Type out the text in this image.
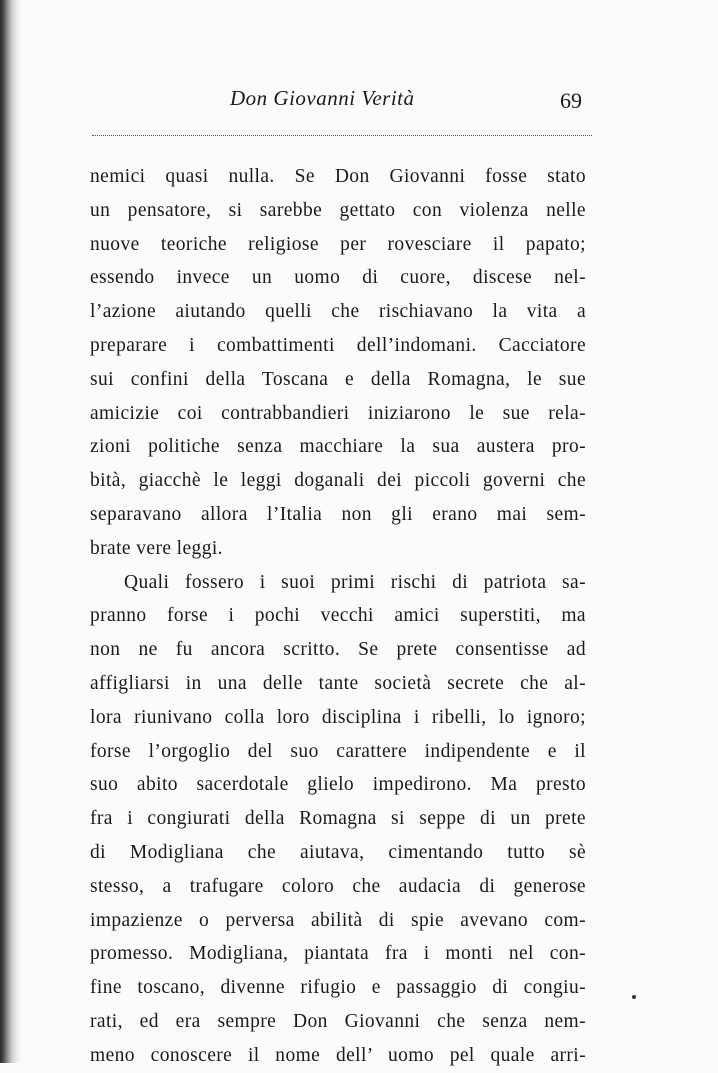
Don Giovanni Verità	69
nemici quasi nulla. Se Don Giovanni fosse stato
un pensatore, si sarebbe gettato con violenza nelle
nuove teoriche religiose per rovesciare il papato;
essendo invece un uomo di cuore, discese nel-
l’azione aiutando quelli che rischiavano la vita a
preparare i combattimenti dell’indomani. Cacciatore
sui confini della Toscana e della Romagna, le sue
amicizie coi contrabbandieri iniziarono le sue rela-
zioni politiche senza macchiare la sua austera pro-
bità, giacchè le leggi doganali dei piccoli governi che
separavano allora l’Italia non gli erano mai sem-
brate vere leggi.
Quali fossero i suoi primi rischi di patriota sa-
pranno forse i pochi vecchi amici superstiti, ma
non ne fu ancora scritto. Se prete consentisse ad
affigliarsi in una delle tante società secrete che al-
lora riunivano colla loro disciplina i ribelli, lo ignoro;
forse l’orgoglio del suo carattere indipendente e il
suo abito sacerdotale glielo impedirono. Ma presto
fra i congiurati della Romagna si seppe di un prete
di Modigliana che aiutava, cimentando tutto sè
stesso, a trafugare coloro che audacia di generose
impazienze o perversa abilità di spie avevano com-
promesso. Modigliana, piantata fra i monti nel con-
fine toscano, divenne rifugio e passaggio di congiu-
rati, ed era sempre Don Giovanni che senza nem-
meno conoscere il nome dell’ uomo pel quale arri-
